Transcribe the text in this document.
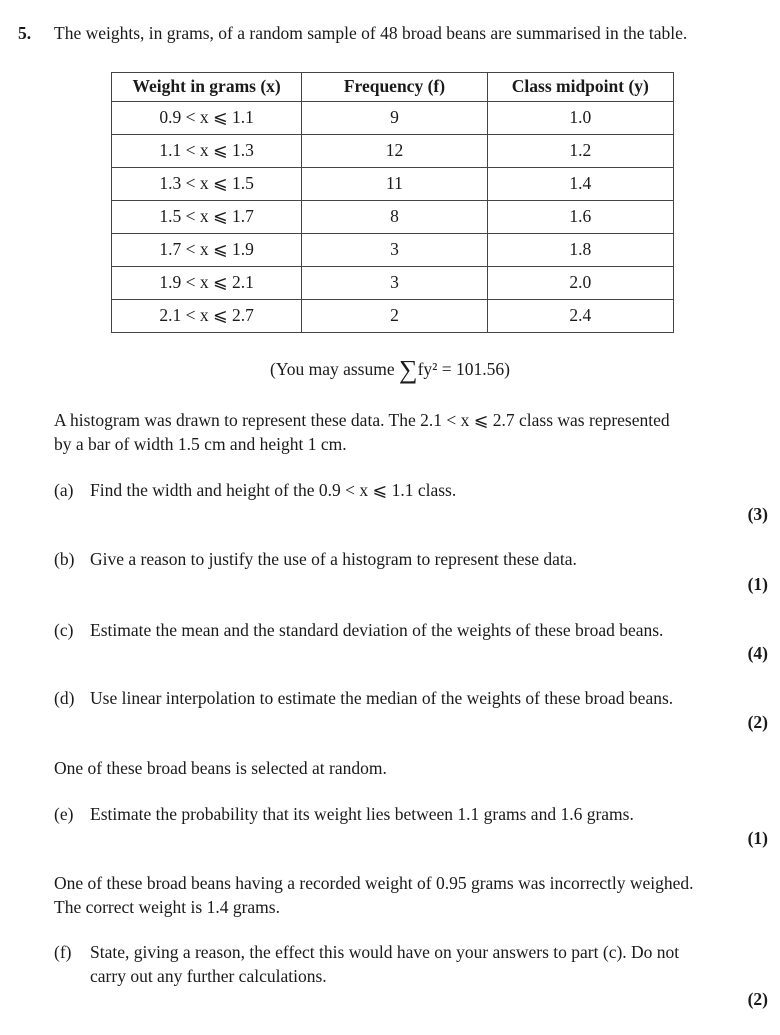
5. The weights, in grams, of a random sample of 48 broad beans are summarised in the table.
Weight in grams (x)	Frequency (f)	Class midpoint (y)
0.9 < x ⩽ 1.1	9	1.0
1.1 < x ⩽ 1.3	12	1.2
1.3 < x ⩽ 1.5	11	1.4
1.5 < x ⩽ 1.7	8	1.6
1.7 < x ⩽ 1.9	3	1.8
1.9 < x ⩽ 2.1	3	2.0
2.1 < x ⩽ 2.7	2	2.4
(You may assume ∑fy² = 101.56)
A histogram was drawn to represent these data. The 2.1 < x ⩽ 2.7 class was represented
by a bar of width 1.5 cm and height 1 cm.
(a) Find the width and height of the 0.9 < x ⩽ 1.1 class.
(3)
(b) Give a reason to justify the use of a histogram to represent these data.
(1)
(c) Estimate the mean and the standard deviation of the weights of these broad beans.
(4)
(d) Use linear interpolation to estimate the median of the weights of these broad beans.
(2)
One of these broad beans is selected at random.
(e) Estimate the probability that its weight lies between 1.1 grams and 1.6 grams.
(1)
One of these broad beans having a recorded weight of 0.95 grams was incorrectly weighed.
The correct weight is 1.4 grams.
(f) State, giving a reason, the effect this would have on your answers to part (c). Do not
carry out any further calculations.
(2)
